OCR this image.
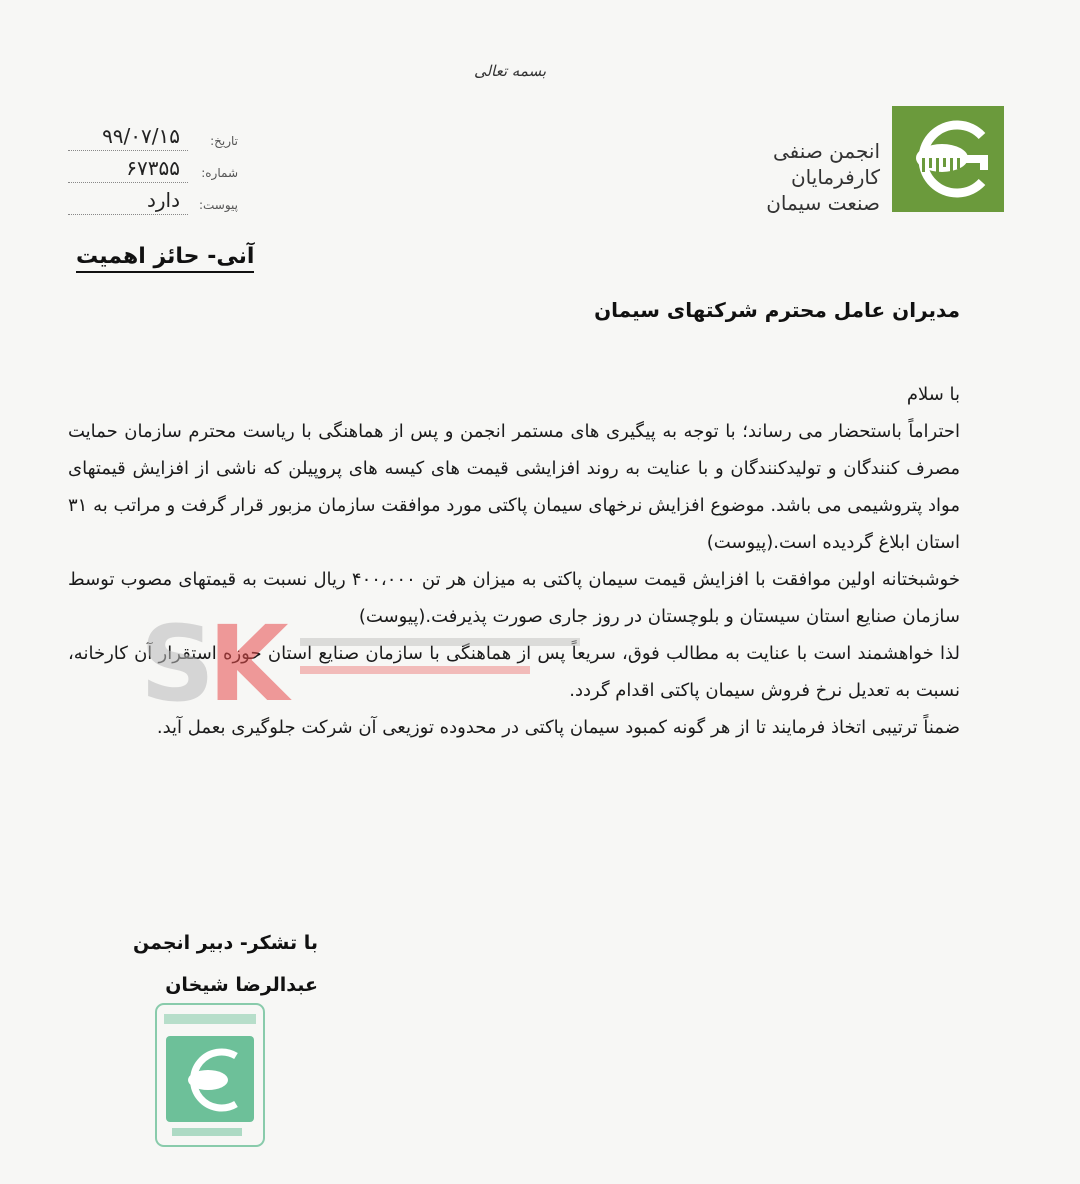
بسمه تعالی
انجمن صنفی
کارفرمایان
صنعت سیمان
تاریخ:
۹۹/۰۷/۱۵
شماره:
۶۷۳۵۵
پیوست:
دارد
آنی- حائز اهمیت
مدیران عامل محترم شرکتهای سیمان

با سلام

احتراماً باستحضار می رساند؛ با توجه به پیگیری های مستمر انجمن و پس از هماهنگی با ریاست محترم سازمان حمایت مصرف کنندگان و تولیدکنندگان و با عنایت به روند افزایشی قیمت های کیسه های پروپیلن که ناشی از افزایش قیمتهای مواد پتروشیمی می باشد. موضوع افزایش نرخهای سیمان پاکتی مورد موافقت سازمان مزبور قرار گرفت و مراتب به ۳۱ استان ابلاغ گردیده است.(پیوست)

خوشبختانه اولین موافقت با افزایش قیمت سیمان پاکتی به میزان هر تن ۴۰۰،۰۰۰ ریال نسبت به قیمتهای مصوب توسط سازمان صنایع استان سیستان و بلوچستان در روز جاری صورت پذیرفت.(پیوست)

لذا خواهشمند است با عنایت به مطالب فوق، سریعاً پس از هماهنگی با سازمان صنایع استان حوزه استقرار آن کارخانه، نسبت به تعدیل نرخ فروش سیمان پاکتی اقدام گردد.

ضمناً ترتیبی اتخاذ فرمایند تا از هر گونه کمبود سیمان پاکتی در محدوده توزیعی آن شرکت جلوگیری بعمل آید.

S
K
با تشکر- دبیر انجمن
عبدالرضا شیخان
